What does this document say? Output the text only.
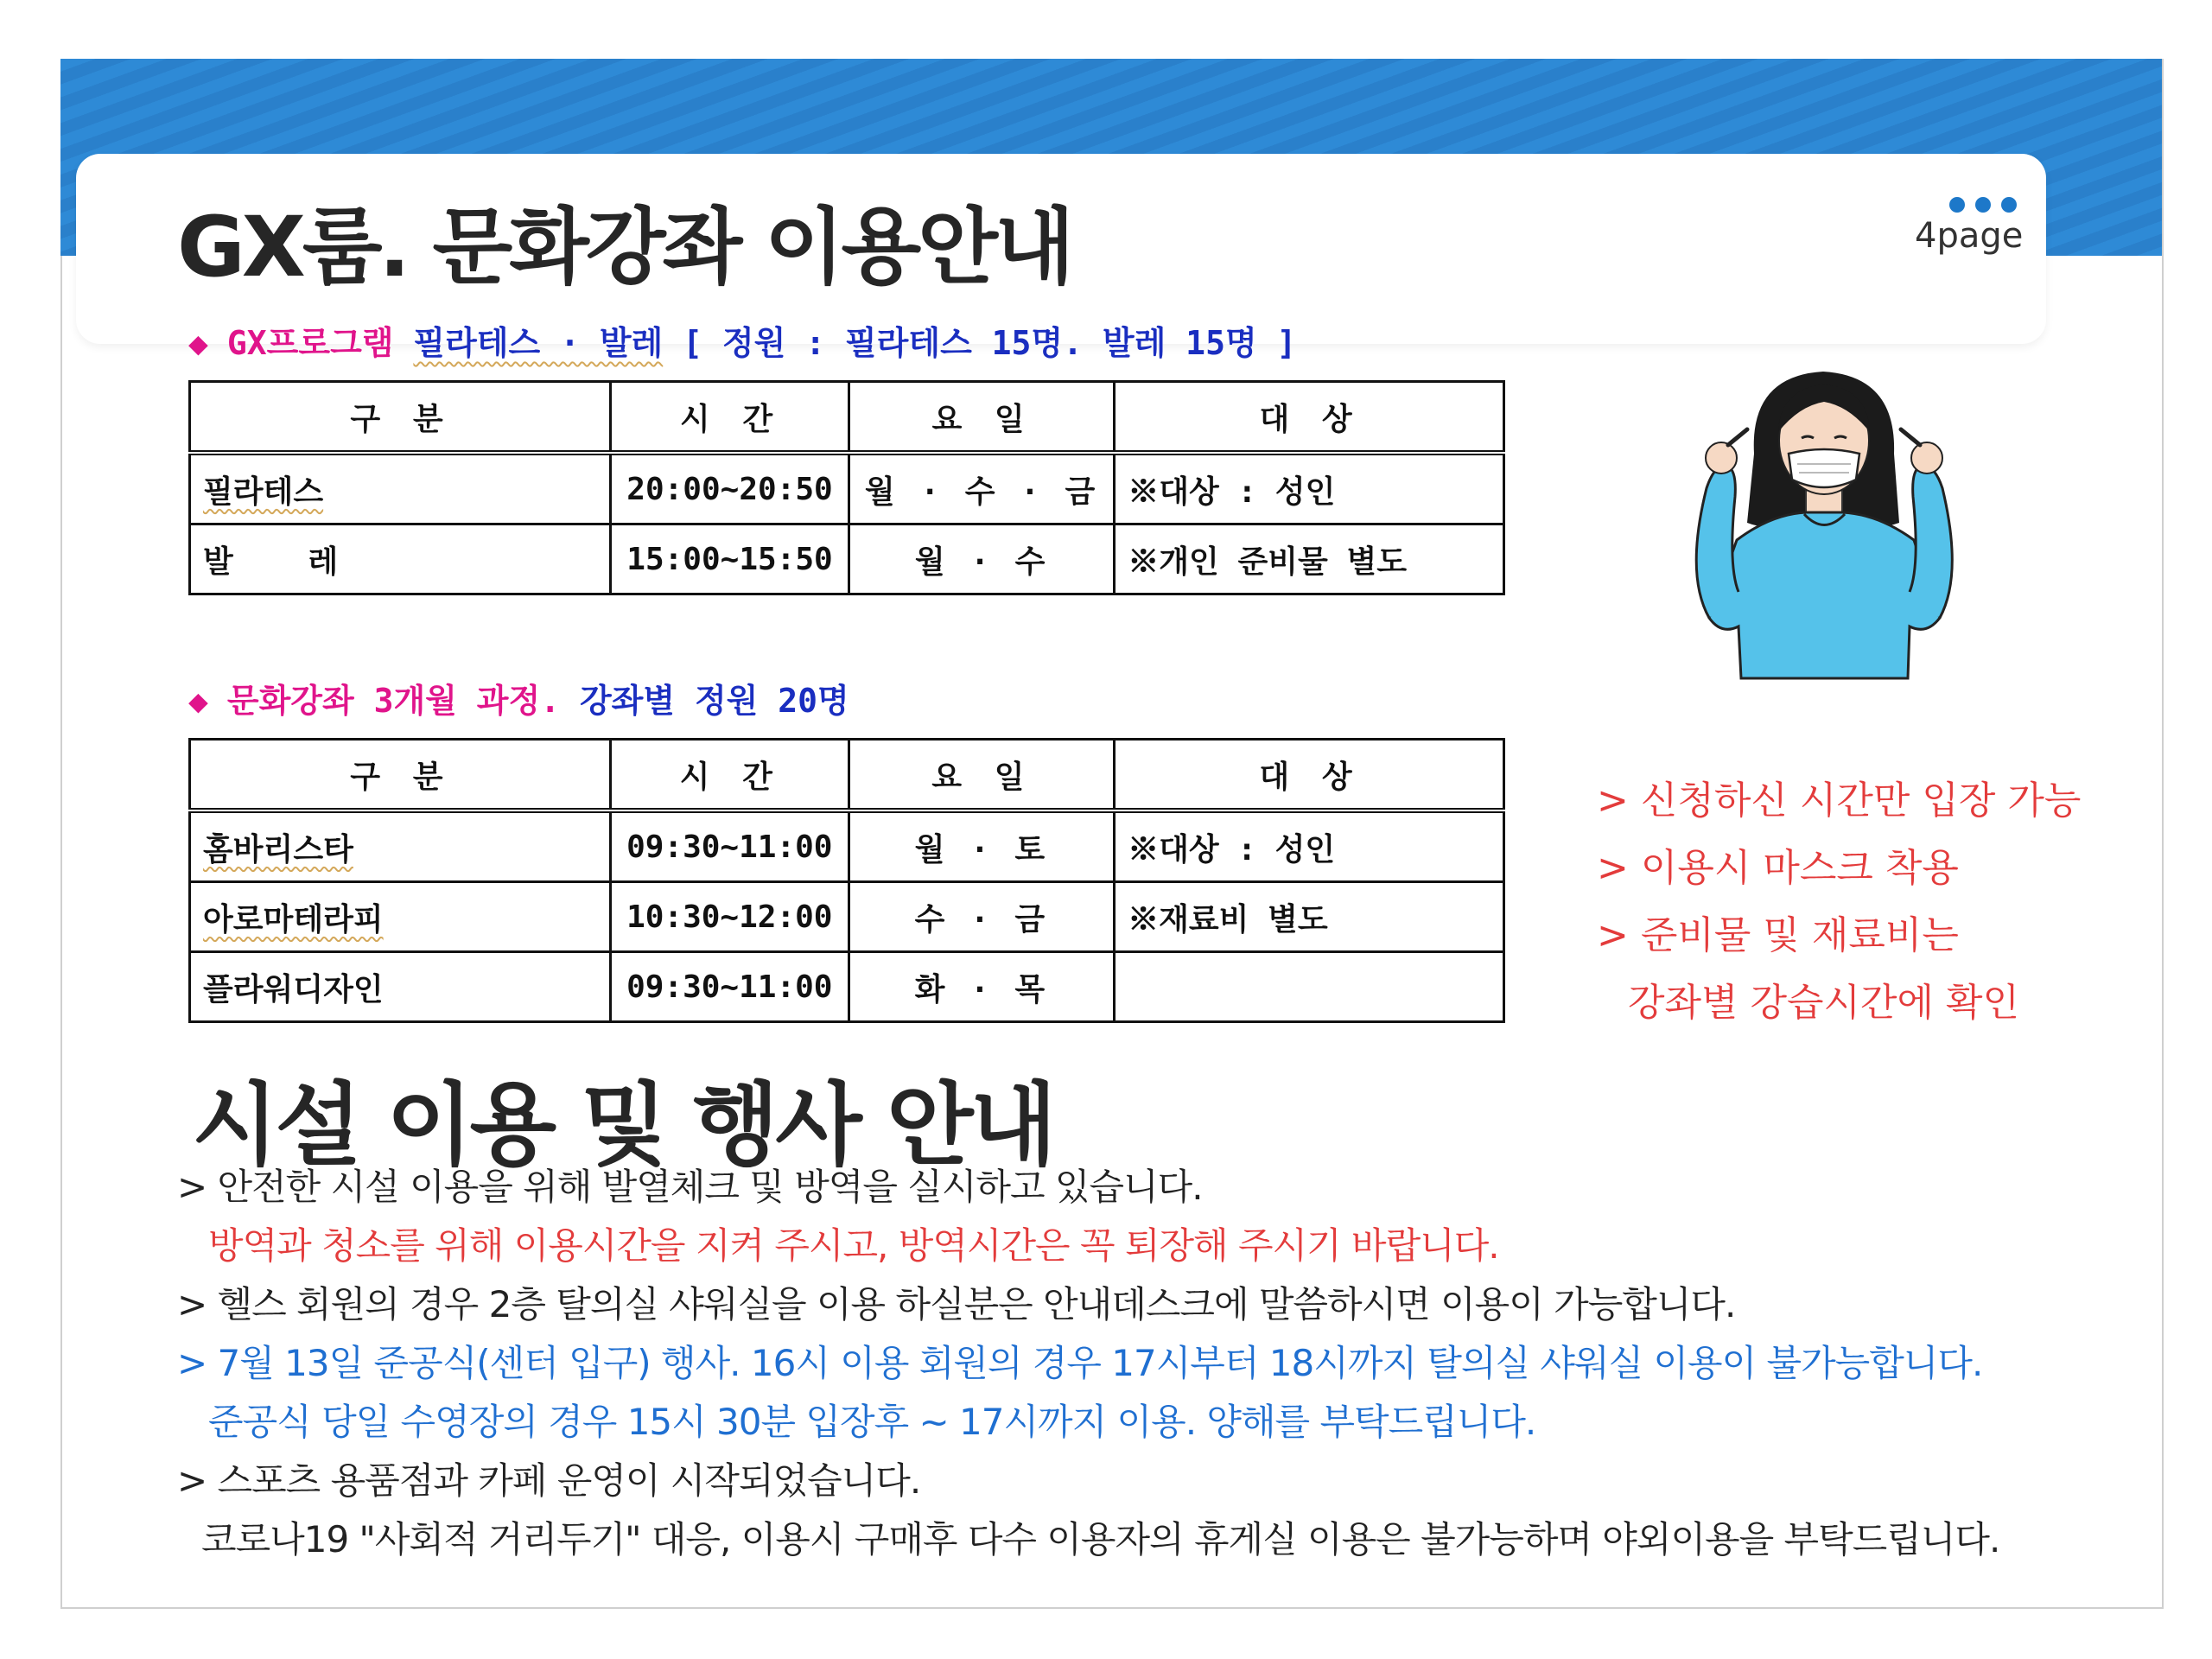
GX룸. 문화강좌 이용안내	4page
◆ GX프로그램 필라테스 · 발레 [ 정원 : 필라테스 15명. 발레 15명 ]
구 분	시 간	요 일	대 상
필라테스	20:00~20:50	월 · 수 · 금	※대상 : 성인
발    레	15:00~15:50	월 · 수	※개인 준비물 별도
◆ 문화강좌 3개월 과정. 강좌별 정원 20명
구 분	시 간	요 일	대 상
홈바리스타	09:30~11:00	월 · 토	※대상 : 성인
아로마테라피	10:30~12:00	수 · 금	※재료비 별도
플라워디자인	09:30~11:00	화 · 목	
> 신청하신 시간만 입장 가능
> 이용시 마스크 착용
> 준비물 및 재료비는
강좌별 강습시간에 확인
시설 이용 및 행사 안내
> 안전한 시설 이용을 위해 발열체크 및 방역을 실시하고 있습니다.
방역과 청소를 위해 이용시간을 지켜 주시고, 방역시간은 꼭 퇴장해 주시기 바랍니다.
> 헬스 회원의 경우 2층 탈의실 샤워실을 이용 하실분은 안내데스크에 말씀하시면 이용이 가능합니다.
> 7월 13일 준공식(센터 입구) 행사. 16시 이용 회원의 경우 17시부터 18시까지 탈의실 샤워실 이용이 불가능합니다.
준공식 당일 수영장의 경우 15시 30분 입장후 ~ 17시까지 이용. 양해를 부탁드립니다.
> 스포츠 용품점과 카페 운영이 시작되었습니다.
코로나19 "사회적 거리두기" 대응, 이용시 구매후 다수 이용자의 휴게실 이용은 불가능하며 야외이용을 부탁드립니다.
